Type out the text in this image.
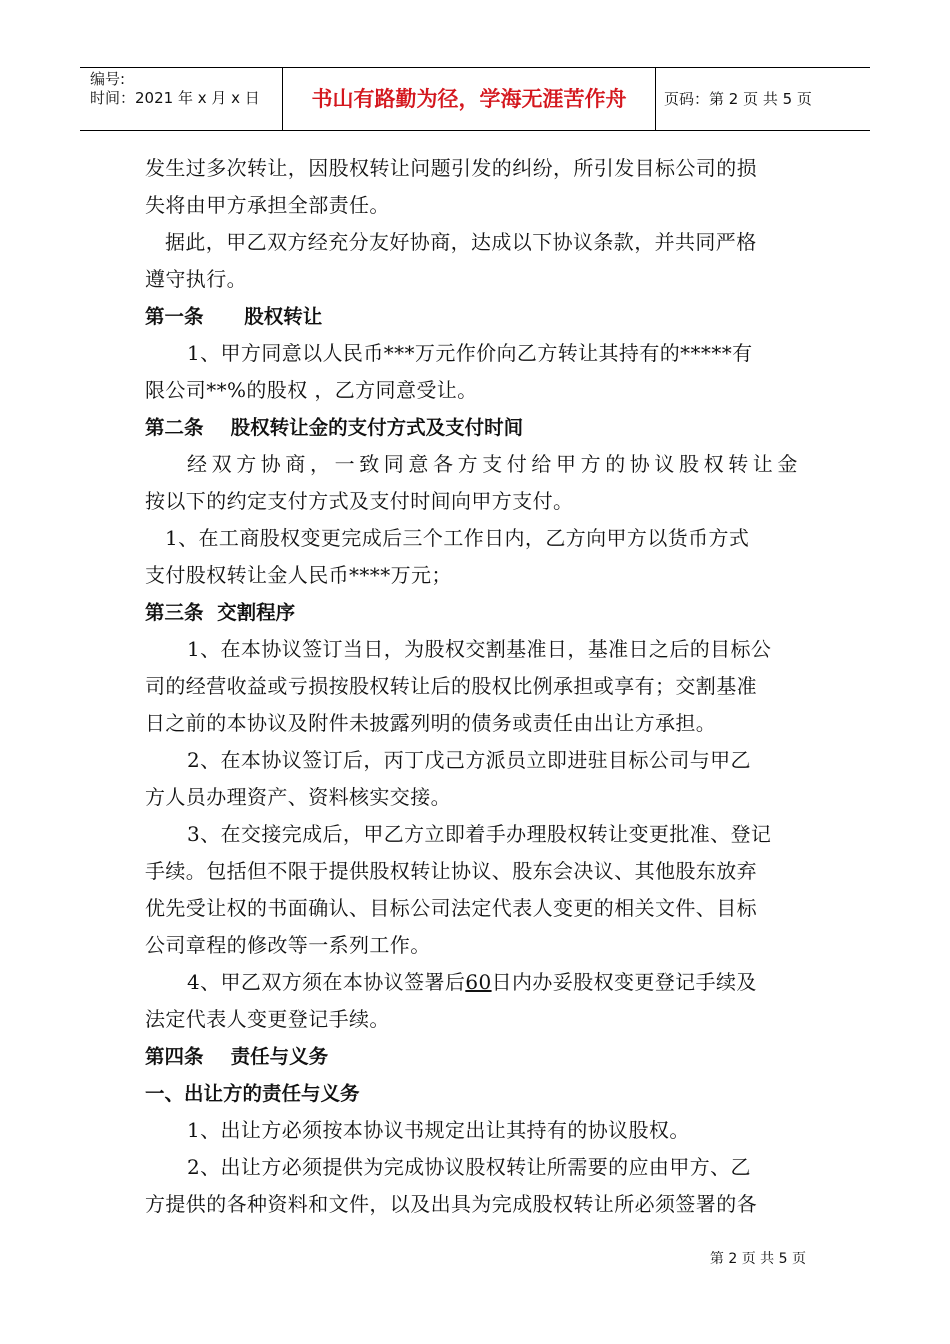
编号:
时间：2021 年 x 月 x 日	书山有路勤为径，学海无涯苦作舟	页码：第 2 页 共 5 页
发生过多次转让，因股权转让问题引发的纠纷，所引发目标公司的损
失将由甲方承担全部责任。
据此，甲乙双方经充分友好协商，达成以下协议条款，并共同严格
遵守执行。
第一条      股权转让
1、甲方同意以人民币***万元作价向乙方转让其持有的*****有
限公司**%的股权 ，乙方同意受让。
第二条    股权转让金的支付方式及支付时间
经双方协商，一致同意各方支付给甲方的协议股权转让金
按以下的约定支付方式及支付时间向甲方支付。
1、在工商股权变更完成后三个工作日内，乙方向甲方以货币方式
支付股权转让金人民币****万元；
第三条  交割程序
1、在本协议签订当日，为股权交割基准日，基准日之后的目标公
司的经营收益或亏损按股权转让后的股权比例承担或享有；交割基准
日之前的本协议及附件未披露列明的债务或责任由出让方承担。
2、在本协议签订后，丙丁戊己方派员立即进驻目标公司与甲乙
方人员办理资产、资料核实交接。
3、在交接完成后，甲乙方立即着手办理股权转让变更批准、登记
手续。包括但不限于提供股权转让协议、股东会决议、其他股东放弃
优先受让权的书面确认、目标公司法定代表人变更的相关文件、目标
公司章程的修改等一系列工作。
4、甲乙双方须在本协议签署后60日内办妥股权变更登记手续及
法定代表人变更登记手续。
第四条    责任与义务
一、出让方的责任与义务
1、出让方必须按本协议书规定出让其持有的协议股权。
2、出让方必须提供为完成协议股权转让所需要的应由甲方、乙
方提供的各种资料和文件，以及出具为完成股权转让所必须签署的各
第 2 页 共 5 页
